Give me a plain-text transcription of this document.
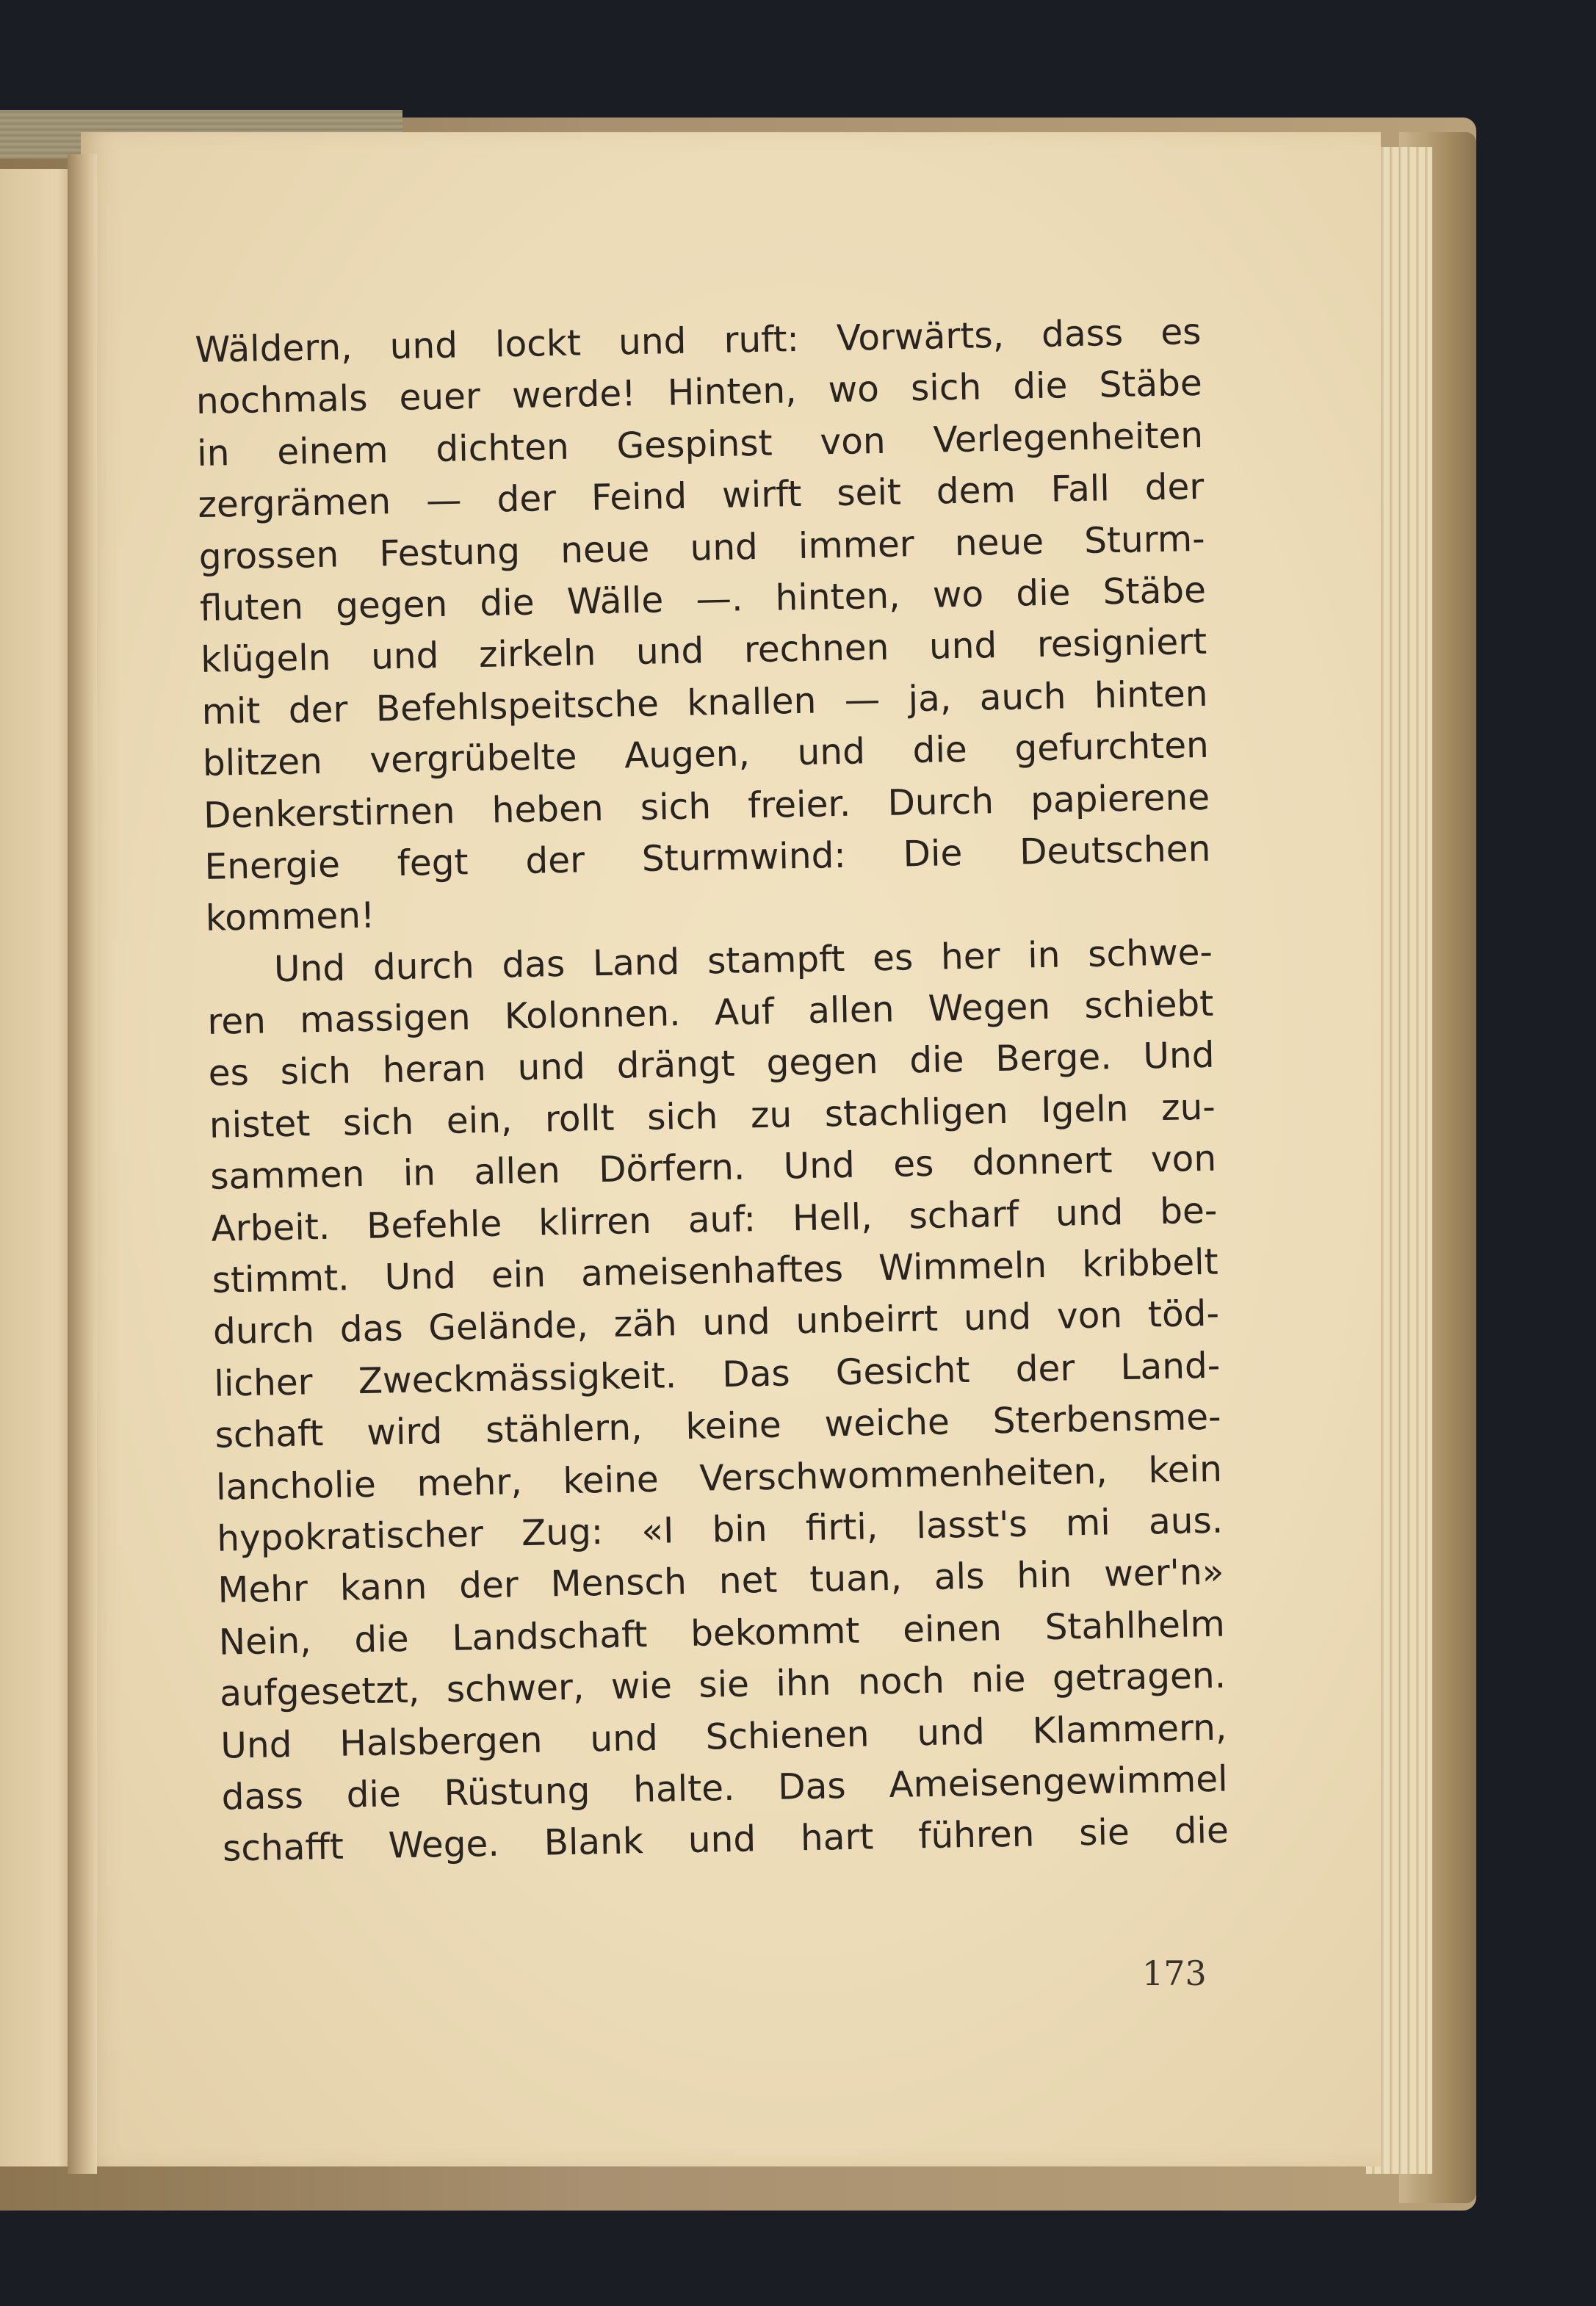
Wäldern, und lockt und ruft: Vorwärts, dass es
nochmals euer werde! Hinten, wo sich die Stäbe
in einem dichten Gespinst von Verlegenheiten
zergrämen — der Feind wirft seit dem Fall der
grossen Festung neue und immer neue Sturm-
fluten gegen die Wälle —. hinten, wo die Stäbe
klügeln und zirkeln und rechnen und resigniert
mit der Befehlspeitsche knallen — ja, auch hinten
blitzen vergrübelte Augen, und die gefurchten
Denkerstirnen heben sich freier. Durch papierene
Energie fegt der Sturmwind: Die Deutschen
kommen!
Und durch das Land stampft es her in schwe-
ren massigen Kolonnen. Auf allen Wegen schiebt
es sich heran und drängt gegen die Berge. Und
nistet sich ein, rollt sich zu stachligen Igeln zu-
sammen in allen Dörfern. Und es donnert von
Arbeit. Befehle klirren auf: Hell, scharf und be-
stimmt. Und ein ameisenhaftes Wimmeln kribbelt
durch das Gelände, zäh und unbeirrt und von töd-
licher Zweckmässigkeit. Das Gesicht der Land-
schaft wird stählern, keine weiche Sterbensme-
lancholie mehr, keine Verschwommenheiten, kein
hypokratischer Zug: «I bin firti, lasst's mi aus.
Mehr kann der Mensch net tuan, als hin wer'n»
Nein, die Landschaft bekommt einen Stahlhelm
aufgesetzt, schwer, wie sie ihn noch nie getragen.
Und Halsbergen und Schienen und Klammern,
dass die Rüstung halte. Das Ameisengewimmel
schafft Wege. Blank und hart führen sie die
173
